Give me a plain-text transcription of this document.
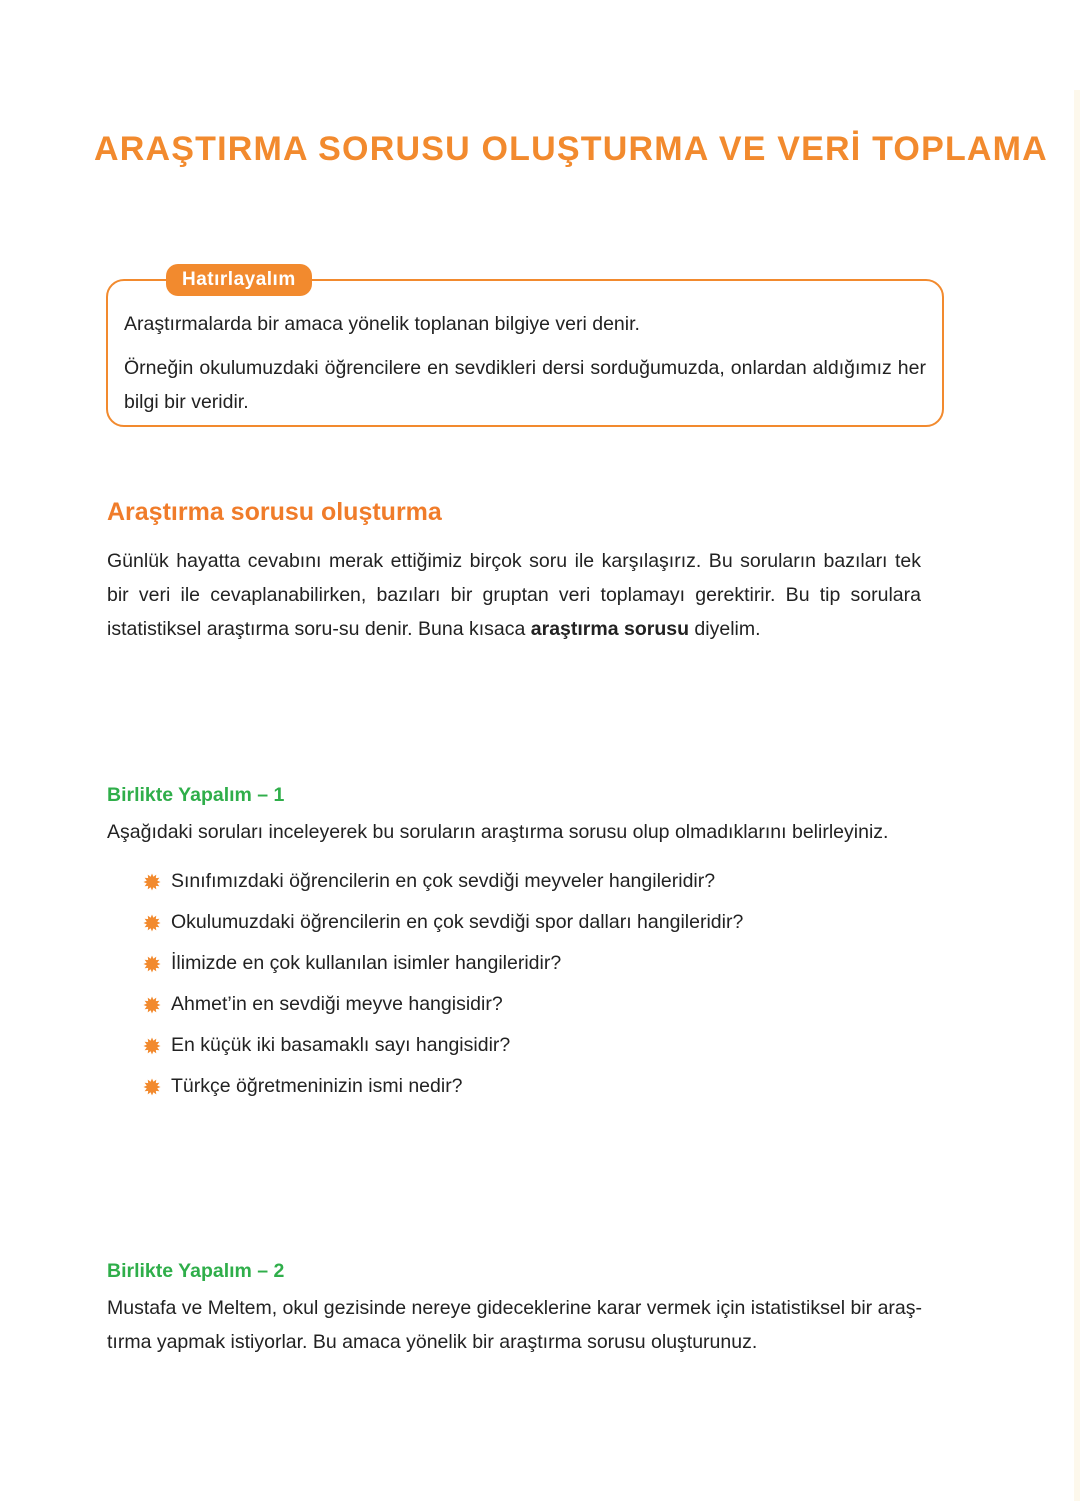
ARAŞTIRMA SORUSU OLUŞTURMA VE VERİ TOPLAMA
Hatırlayalım
Araştırmalarda bir amaca yönelik toplanan bilgiye veri denir.
Örneğin okulumuzdaki öğrencilere en sevdikleri dersi sorduğumuzda, onlardan aldığımız her bilgi bir veridir.
Araştırma sorusu oluşturma
Günlük hayatta cevabını merak ettiğimiz birçok soru ile karşılaşırız. Bu soruların bazıları tek bir veri ile cevaplanabilirken, bazıları bir gruptan veri toplamayı gerektirir. Bu tip sorulara istatistiksel araştırma soru-su denir. Buna kısaca araştırma sorusu diyelim.
Birlikte Yapalım – 1
Aşağıdaki soruları inceleyerek bu soruların araştırma sorusu olup olmadıklarını belirleyiniz.
Sınıfımızdaki öğrencilerin en çok sevdiği meyveler hangileridir?
Okulumuzdaki öğrencilerin en çok sevdiği spor dalları hangileridir?
İlimizde en çok kullanılan isimler hangileridir?
Ahmet’in en sevdiği meyve hangisidir?
En küçük iki basamaklı sayı hangisidir?
Türkçe öğretmeninizin ismi nedir?
Birlikte Yapalım – 2
Mustafa ve Meltem, okul gezisinde nereye gideceklerine karar vermek için istatistiksel bir araş-tırma yapmak istiyorlar. Bu amaca yönelik bir araştırma sorusu oluşturunuz.
